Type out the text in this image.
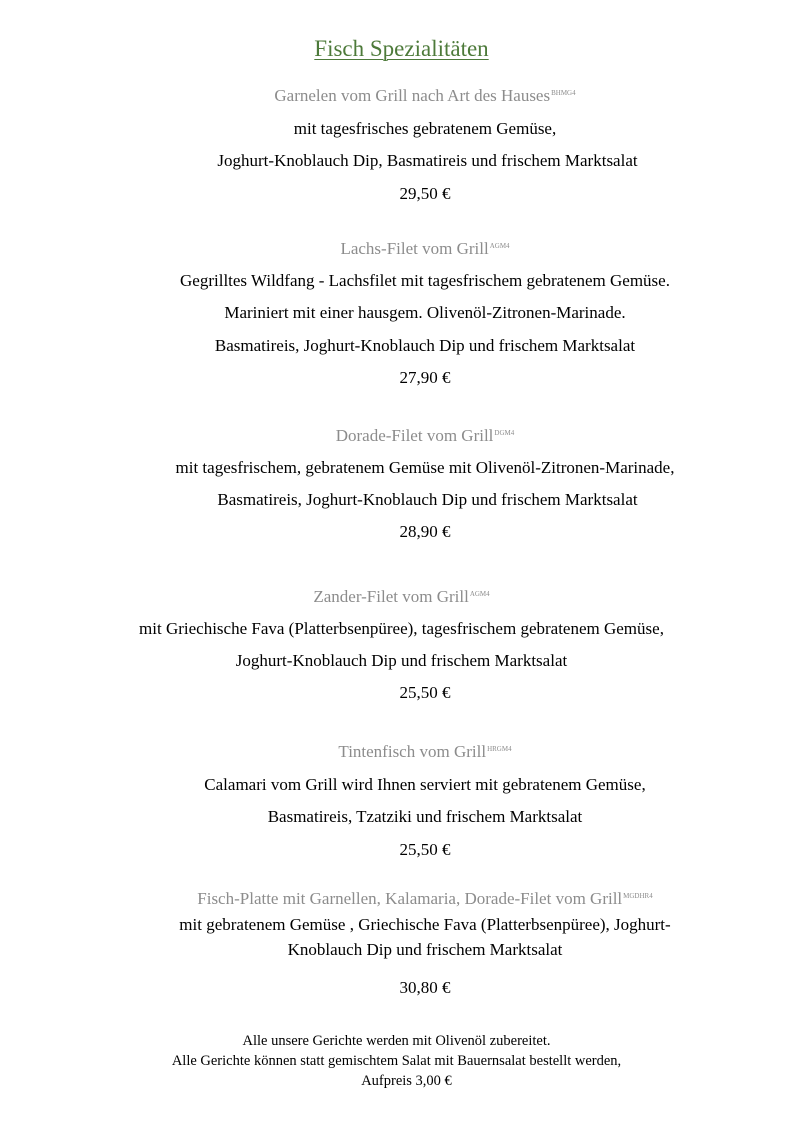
Fisch Spezialitäten
Garnelen vom Grill nach Art des Hauses$^{BHMG4}$
mit tagesfrisches gebratenem Gemüse,
Joghurt-Knoblauch Dip, Basmatireis und frischem Marktsalat
29,50 €
Lachs-Filet vom Grill$^{AGM4}$
Gegrilltes Wildfang - Lachsfilet mit tagesfrischem gebratenem Gemüse.
Mariniert mit einer hausgem. Olivenöl-Zitronen-Marinade.
Basmatireis, Joghurt-Knoblauch Dip und frischem Marktsalat
27,90 €
Dorade-Filet vom Grill$^{DGM4}$
mit tagesfrischem, gebratenem Gemüse mit Olivenöl-Zitronen-Marinade,
Basmatireis, Joghurt-Knoblauch Dip und frischem Marktsalat
28,90 €
Zander-Filet vom Grill$^{AGM4}$
mit Griechische Fava (Platterbsenpüree), tagesfrischem gebratenem Gemüse,
Joghurt-Knoblauch Dip und frischem Marktsalat
25,50 €
Tintenfisch vom Grill$^{HRGM4}$
Calamari vom Grill wird Ihnen serviert mit gebratenem Gemüse,
Basmatireis, Tzatziki und frischem Marktsalat
25,50 €
Fisch-Platte mit Garnellen, Kalamaria, Dorade-Filet vom Grill$^{MGDHR4}$
mit gebratenem Gemüse , Griechische Fava (Platterbsenpüree), Joghurt-
Knoblauch Dip und frischem Marktsalat
30,80 €
Alle unsere Gerichte werden mit Olivenöl zubereitet.
Alle Gerichte können statt gemischtem Salat mit Bauernsalat bestellt werden,
Aufpreis 3,00 €
